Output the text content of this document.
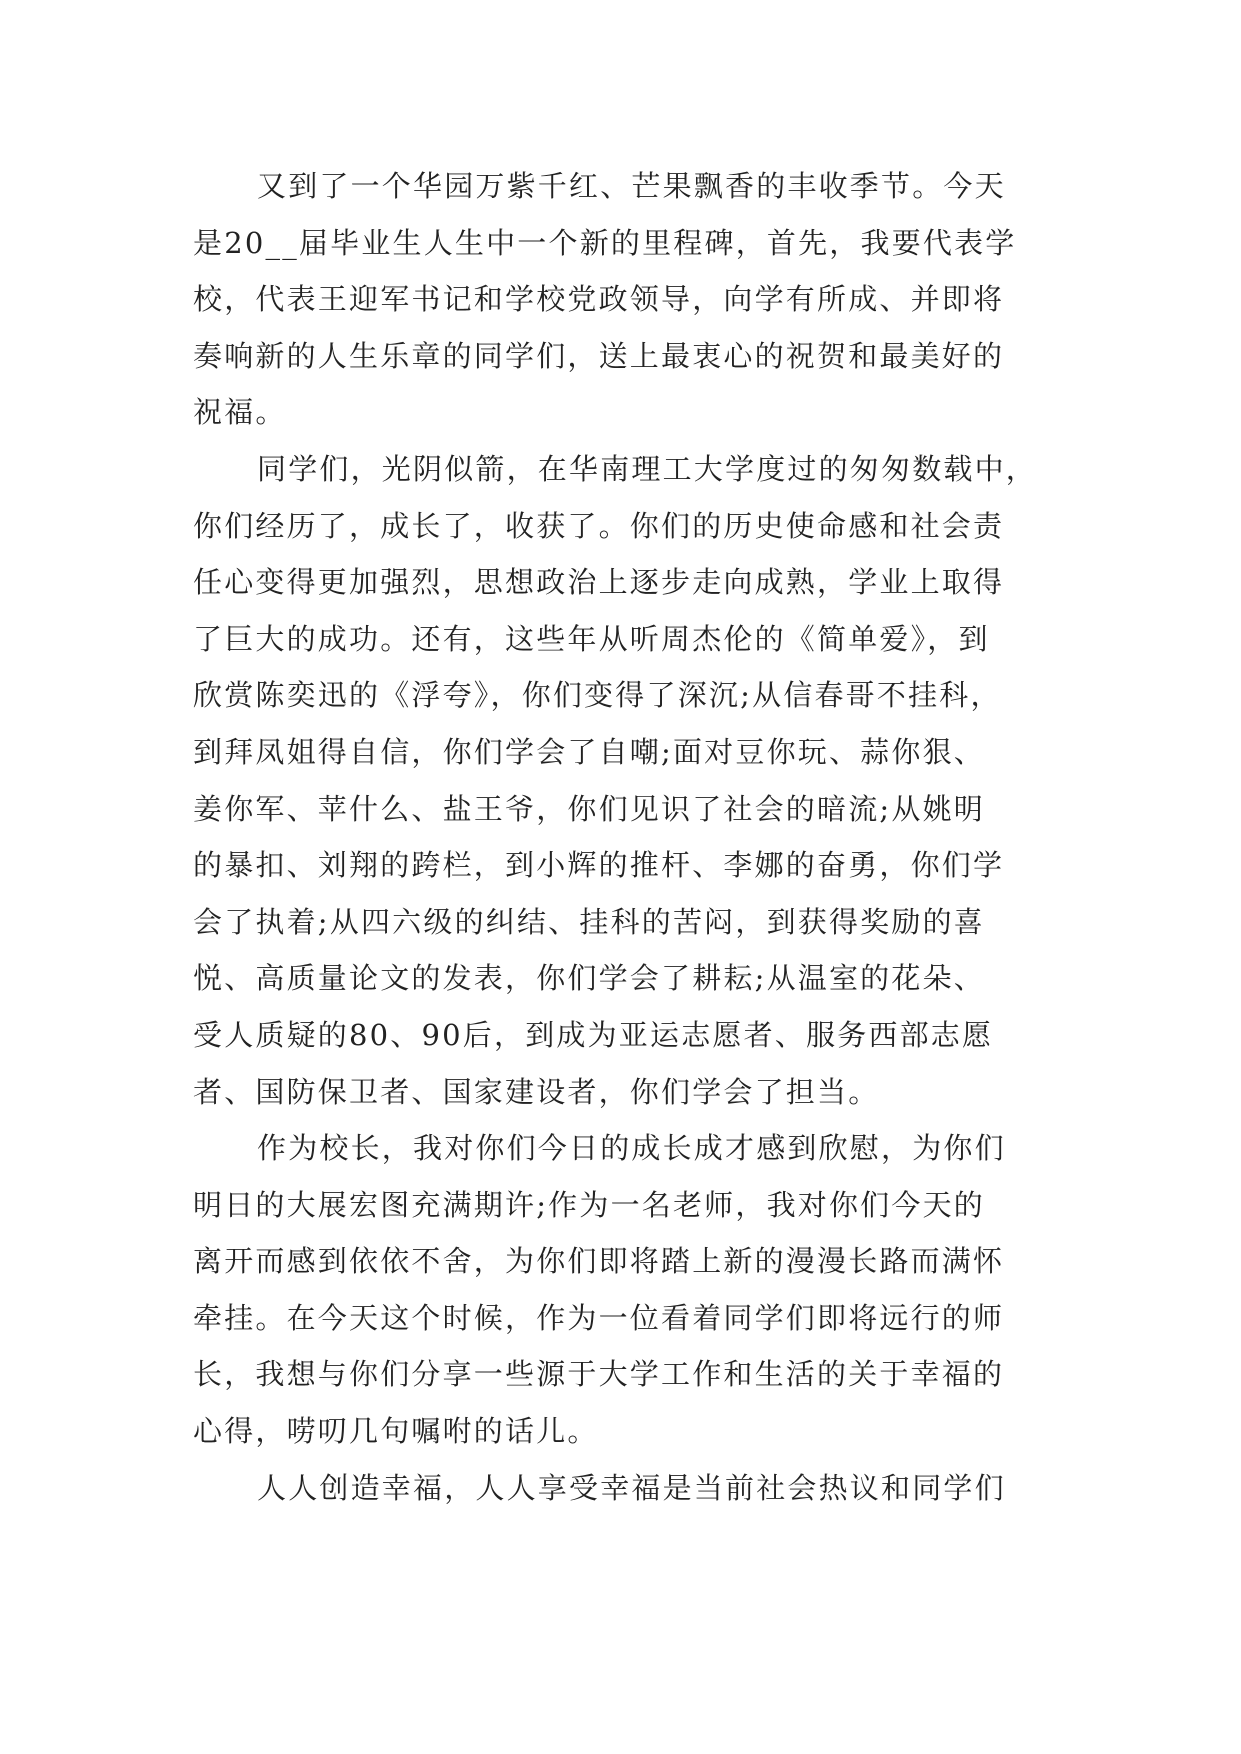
又到了一个华园万紫千红、芒果飘香的丰收季节。今天
是20__届毕业生人生中一个新的里程碑，首先，我要代表学
校，代表王迎军书记和学校党政领导，向学有所成、并即将
奏响新的人生乐章的同学们，送上最衷心的祝贺和最美好的
祝福。
同学们，光阴似箭，在华南理工大学度过的匆匆数载中，
你们经历了，成长了，收获了。你们的历史使命感和社会责
任心变得更加强烈，思想政治上逐步走向成熟，学业上取得
了巨大的成功。还有，这些年从听周杰伦的《简单爱》，到
欣赏陈奕迅的《浮夸》，你们变得了深沉;从信春哥不挂科，
到拜凤姐得自信，你们学会了自嘲;面对豆你玩、蒜你狠、
姜你军、苹什么、盐王爷，你们见识了社会的暗流;从姚明
的暴扣、刘翔的跨栏，到小辉的推杆、李娜的奋勇，你们学
会了执着;从四六级的纠结、挂科的苦闷，到获得奖励的喜
悦、高质量论文的发表，你们学会了耕耘;从温室的花朵、
受人质疑的80、90后，到成为亚运志愿者、服务西部志愿
者、国防保卫者、国家建设者，你们学会了担当。
作为校长，我对你们今日的成长成才感到欣慰，为你们
明日的大展宏图充满期许;作为一名老师，我对你们今天的
离开而感到依依不舍，为你们即将踏上新的漫漫长路而满怀
牵挂。在今天这个时候，作为一位看着同学们即将远行的师
长，我想与你们分享一些源于大学工作和生活的关于幸福的
心得，唠叨几句嘱咐的话儿。
人人创造幸福，人人享受幸福是当前社会热议和同学们
